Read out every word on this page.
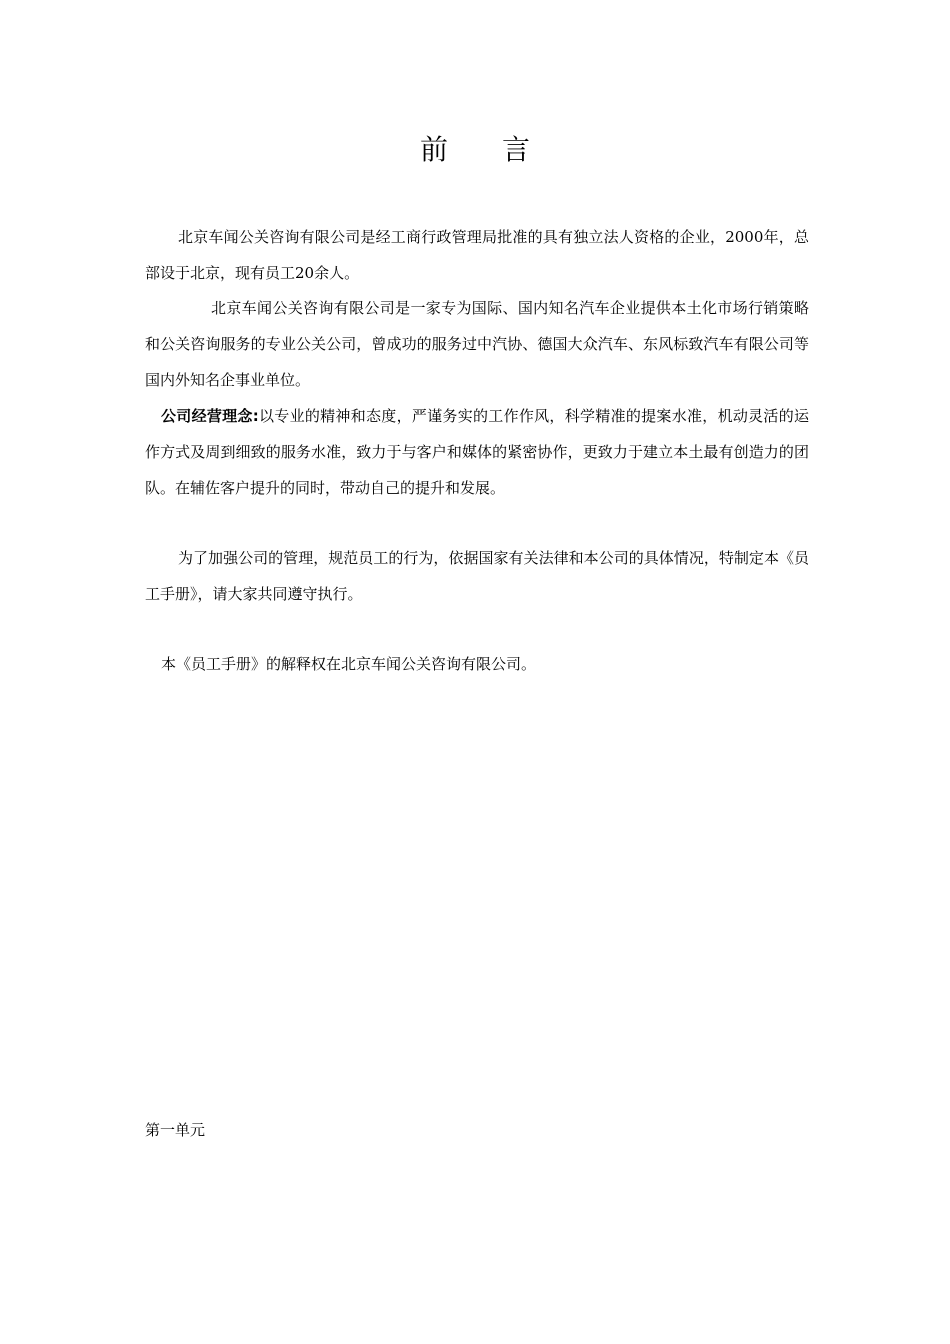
前言

北京车闻公关咨询有限公司是经工商行政管理局批准的具有独立法人资格的企业，2000年，总部设于北京，现有员工20余人。

北京车闻公关咨询有限公司是一家专为国际、国内知名汽车企业提供本土化市场行销策略和公关咨询服务的专业公关公司，曾成功的服务过中汽协、德国大众汽车、东风标致汽车有限公司等国内外知名企事业单位。

公司经营理念:以专业的精神和态度，严谨务实的工作作风，科学精准的提案水准，机动灵活的运作方式及周到细致的服务水准，致力于与客户和媒体的紧密协作，更致力于建立本土最有创造力的团队。在辅佐客户提升的同时，带动自己的提升和发展。

为了加强公司的管理，规范员工的行为，依据国家有关法律和本公司的具体情况，特制定本《员工手册》，请大家共同遵守执行。

本《员工手册》的解释权在北京车闻公关咨询有限公司。

第一单元
